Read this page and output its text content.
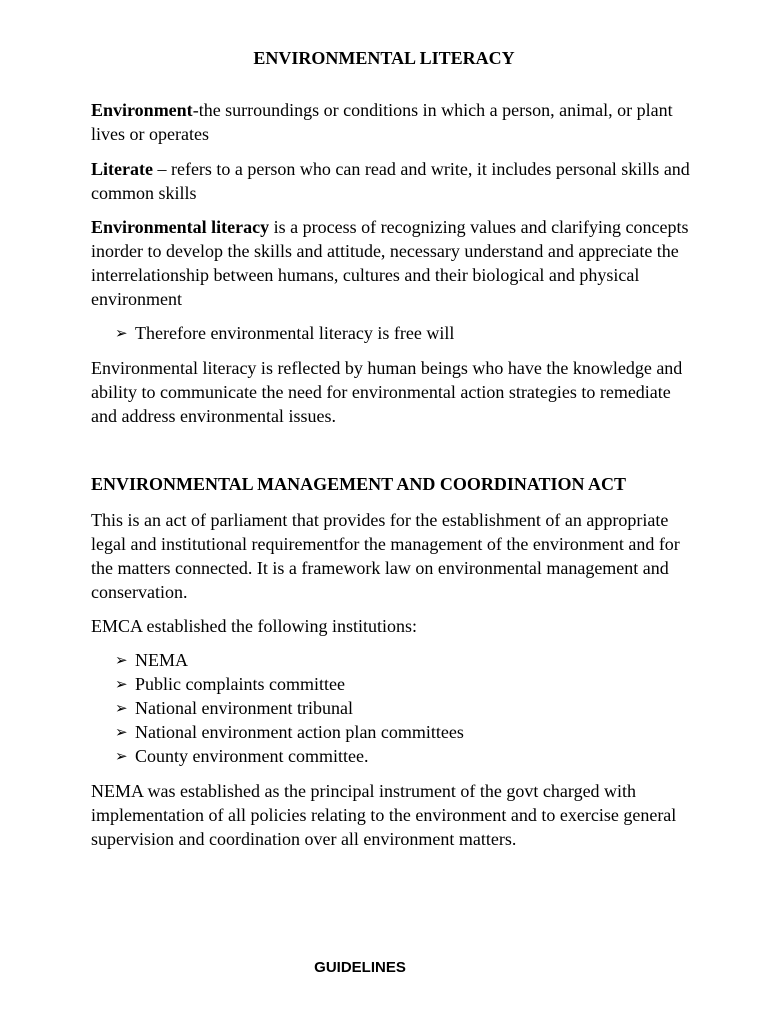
ENVIRONMENTAL LITERACY

Environment-the surroundings or conditions in which a person, animal, or plant lives or operates

Literate – refers to a person who can read and write, it includes personal skills and common skills

Environmental literacy is a process of recognizing values and clarifying concepts inorder to develop the skills and attitude, necessary understand and appreciate the interrelationship between humans, cultures and their biological and physical environment

➢ Therefore environmental literacy is free will

Environmental literacy is reflected by human beings who have the knowledge and ability to communicate the need for environmental action strategies to remediate and address environmental issues.

ENVIRONMENTAL MANAGEMENT AND COORDINATION ACT

This is an act of parliament that provides for the establishment of an appropriate legal and institutional requirementfor the management of the environment and for the matters connected. It is a framework law on environmental management and conservation.

EMCA established the following institutions:

➢ NEMA
➢ Public complaints committee
➢ National environment tribunal
➢ National environment action plan committees
➢ County environment committee.

NEMA was established as the principal instrument of the govt charged with implementation of all policies relating to the environment and to exercise general supervision and coordination over all environment matters.

GUIDELINES
